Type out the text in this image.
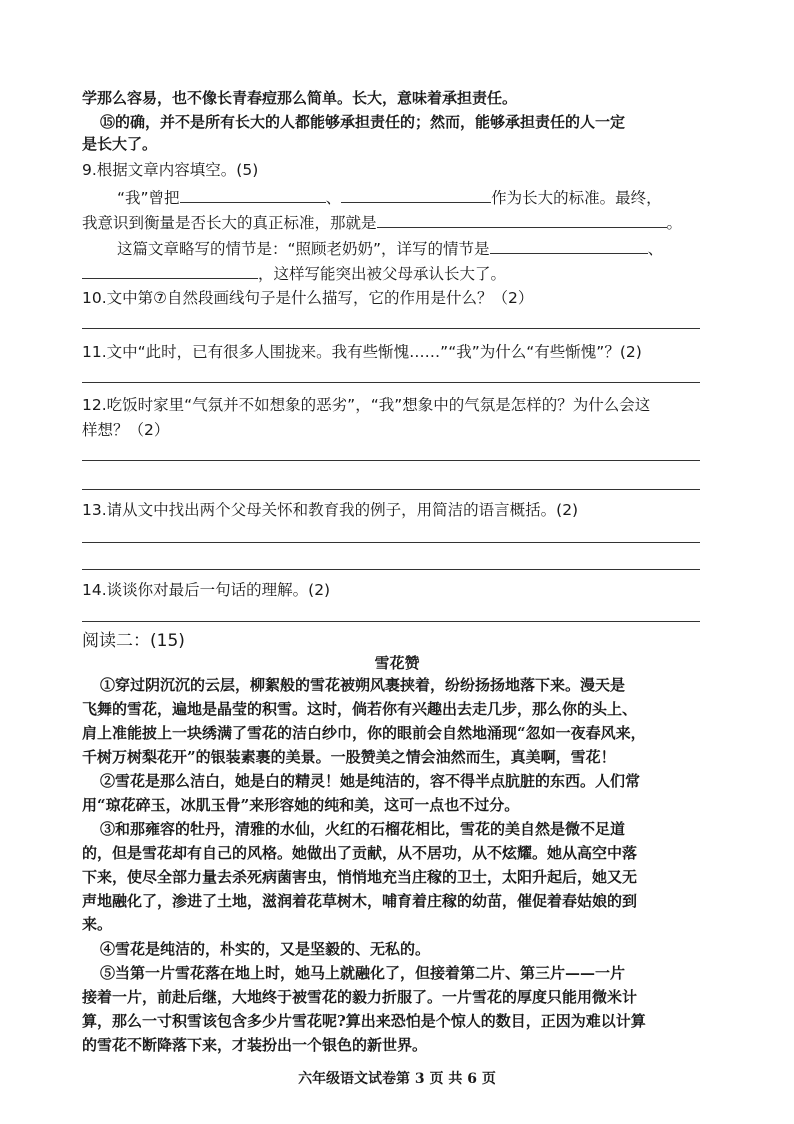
学那么容易，也不像长青春痘那么简单。长大，意味着承担责任。
⑮的确，并不是所有长大的人都能够承担责任的；然而，能够承担责任的人一定
是长大了。
9.根据文章内容填空。(5)
“我”曾把	、	作为长大的标准。最终，
我意识到衡量是否长大的真正标准，那就是	。
这篇文章略写的情节是：“照顾老奶奶”，详写的情节是	、
，这样写能突出被父母承认长大了。
10.文中第⑦自然段画线句子是什么描写，它的作用是什么？（2）
11.文中“此时，已有很多人围拢来。我有些惭愧……”“我”为什么“有些惭愧”？(2)
12.吃饭时家里“气氛并不如想象的恶劣”，“我”想象中的气氛是怎样的？为什么会这
样想？（2）
13.请从文中找出两个父母关怀和教育我的例子，用简洁的语言概括。(2)
14.谈谈你对最后一句话的理解。(2)
阅读二：(15)
雪花赞
①穿过阴沉沉的云层，柳絮般的雪花被朔风裹挟着，纷纷扬扬地落下来。漫天是
飞舞的雪花，遍地是晶莹的积雪。这时，倘若你有兴趣出去走几步，那么你的头上、
肩上准能披上一块绣满了雪花的洁白纱巾，你的眼前会自然地涌现“忽如一夜春风来，
千树万树梨花开”的银装素裹的美景。一股赞美之情会油然而生，真美啊，雪花！
②雪花是那么洁白，她是白的精灵！她是纯洁的，容不得半点肮脏的东西。人们常
用“琼花碎玉，冰肌玉骨”来形容她的纯和美，这可一点也不过分。
③和那雍容的牡丹，清雅的水仙，火红的石榴花相比，雪花的美自然是微不足道
的，但是雪花却有自己的风格。她做出了贡献，从不居功，从不炫耀。她从高空中落
下来，使尽全部力量去杀死病菌害虫，悄悄地充当庄稼的卫士，太阳升起后，她又无
声地融化了，渗进了土地，滋润着花草树木，哺育着庄稼的幼苗，催促着春姑娘的到
来。
④雪花是纯洁的，朴实的，又是坚毅的、无私的。
⑤当第一片雪花落在地上时，她马上就融化了，但接着第二片、第三片——一片
接着一片，前赴后继，大地终于被雪花的毅力折服了。一片雪花的厚度只能用微米计
算，那么一寸积雪该包含多少片雪花呢?算出来恐怕是个惊人的数目，正因为难以计算
的雪花不断降落下来，才装扮出一个银色的新世界。
六年级语文试卷第 3 页 共 6 页
